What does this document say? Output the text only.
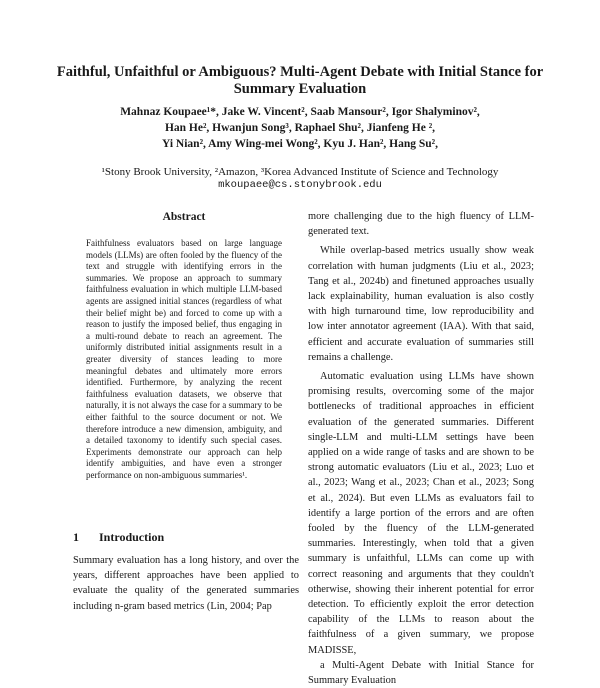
Faithful, Unfaithful or Ambiguous? Multi-Agent Debate with Initial Stance for Summary Evaluation
Mahnaz Koupaee¹*, Jake W. Vincent², Saab Mansour², Igor Shalyminov²,
Han He², Hwanjun Song³, Raphael Shu², Jianfeng He ²,
Yi Nian², Amy Wing-mei Wong², Kyu J. Han², Hang Su²,
¹Stony Brook University, ²Amazon, ³Korea Advanced Institute of Science and Technology
mkoupaee@cs.stonybrook.edu
Abstract

Faithfulness evaluators based on large language models (LLMs) are often fooled by the fluency of the text and struggle with identifying errors in the summaries. We propose an approach to summary faithfulness evaluation in which multiple LLM-based agents are assigned initial stances (regardless of what their belief might be) and forced to come up with a reason to justify the imposed belief, thus engaging in a multi-round debate to reach an agreement. The uniformly distributed initial assignments result in a greater diversity of stances leading to more meaningful debates and ultimately more errors identified. Furthermore, by analyzing the recent faithfulness evaluation datasets, we observe that naturally, it is not always the case for a summary to be either faithful to the source document or not. We therefore introduce a new dimension, ambiguity, and a detailed taxonomy to identify such special cases. Experiments demonstrate our approach can help identify ambiguities, and have even a stronger performance on non-ambiguous summaries¹.

1 Introduction

Summary evaluation has a long history, and over the years, different approaches have been applied to evaluate the quality of the generated summaries including n-gram based metrics (Lin, 2004; Pap

more challenging due to the high fluency of LLM-generated text.

While overlap-based metrics usually show weak correlation with human judgments (Liu et al., 2023; Tang et al., 2024b) and finetuned approaches usually lack explainability, human evaluation is also costly with high turnaround time, low reproducibility and low inter annotator agreement (IAA). With that said, efficient and accurate evaluation of summaries still remains a challenge.

Automatic evaluation using LLMs have shown promising results, overcoming some of the major bottlenecks of traditional approaches in efficient evaluation of the generated summaries. Different single-LLM and multi-LLM settings have been applied on a wide range of tasks and are shown to be strong automatic evaluators (Liu et al., 2023; Luo et al., 2023; Wang et al., 2023; Chan et al., 2023; Song et al., 2024). But even LLMs as evaluators fail to identify a large portion of the errors and are often fooled by the fluency of the LLM-generated summaries. Interestingly, when told that a given summary is unfaithful, LLMs can come up with correct reasoning and arguments that they couldn't otherwise, showing their inherent potential for error detection. To efficiently exploit the error detection capability of the LLMs to reason about the faithfulness of a given summary, we propose MADISSE,

a Multi-Agent Debate with Initial Stance for Summary Evaluation
